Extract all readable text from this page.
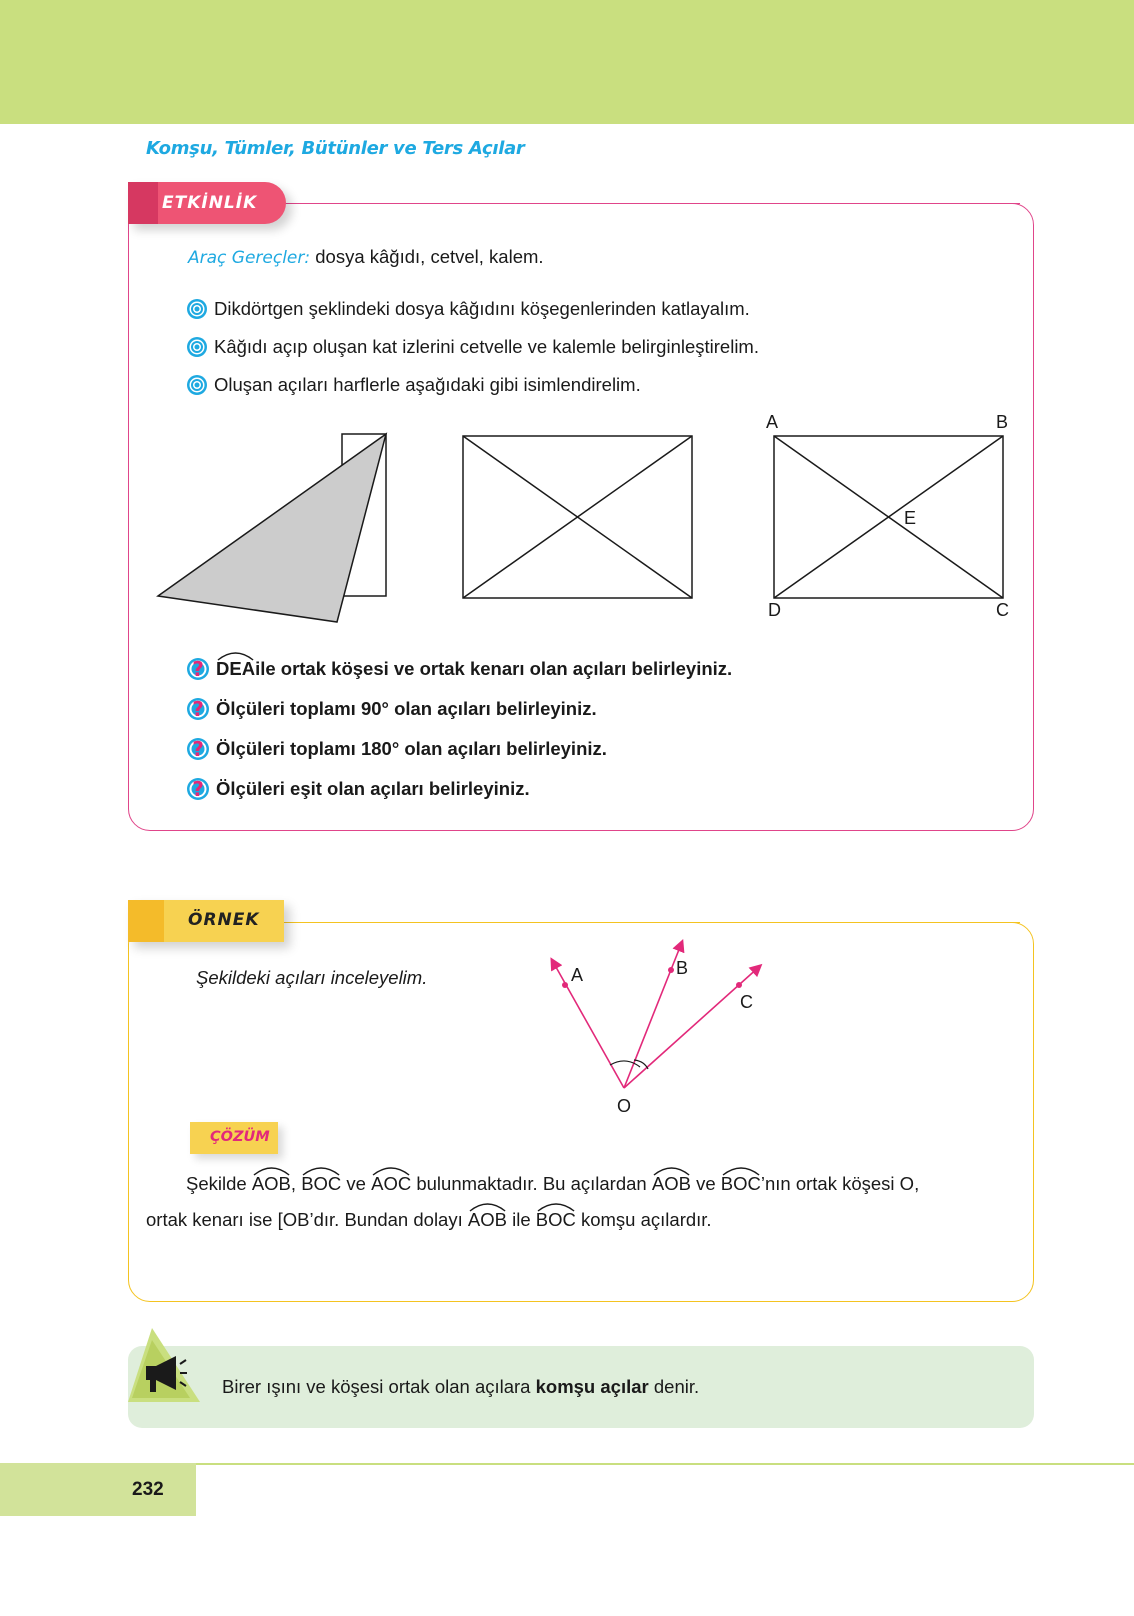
Komşu, Tümler, Bütünler ve Ters Açılar
ETKİNLİK
Araç Gereçler: dosya kâğıdı, cetvel, kalem.
Dikdörtgen şeklindeki dosya kâğıdını köşegenlerinden katlayalım.
Kâğıdı açıp oluşan kat izlerini cetvelle ve kalemle belirginleştirelim.
Oluşan açıları harflerle aşağıdaki gibi isimlendirelim.
A	B
E
D	C
? DEA ile ortak köşesi ve ortak kenarı olan açıları belirleyiniz.
? Ölçüleri toplamı 90° olan açıları belirleyiniz.
? Ölçüleri toplamı 180° olan açıları belirleyiniz.
? Ölçüleri eşit olan açıları belirleyiniz.
ÖRNEK
Şekildeki açıları inceleyelim.	A	B
C
O
ÇÖZÜM
Şekilde
AOB,
BOC ve
AOC bulunmaktadır. Bu açılardan
AOB ve
BOC’nın ortak köşesi O,
ortak kenarı ise [OB’dır. Bundan dolayı
AOB ile
BOC komşu açılardır.
Birer ışını ve köşesi ortak olan açılara komşu açılar denir.
232
